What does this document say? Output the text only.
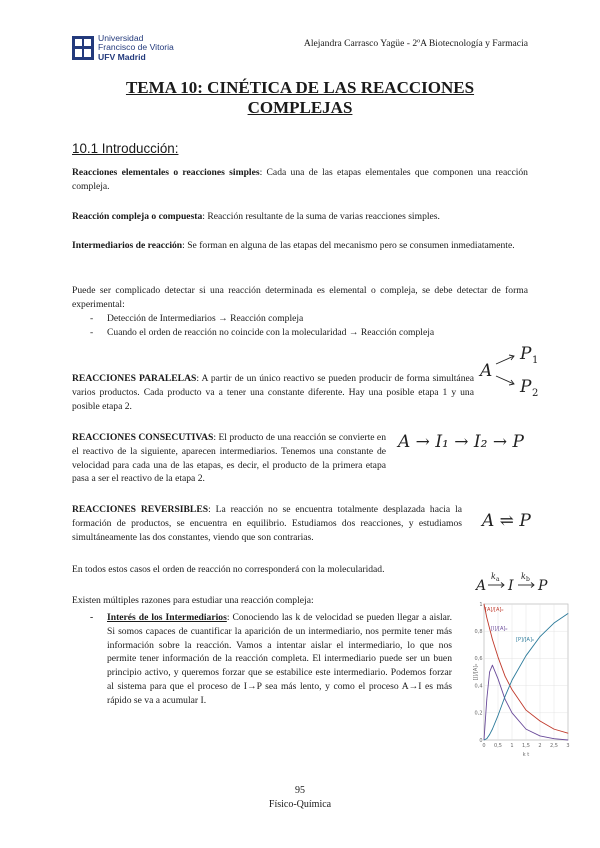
Universidad
Francisco de Vitoria
UFV Madrid
Alejandra Carrasco Yagüe - 2ºA Biotecnología y Farmacia
TEMA 10: CINÉTICA DE LAS REACCIONES
COMPLEJAS
10.1 Introducción:
Reacciones elementales o reacciones simples: Cada una de las etapas elementales que componen una reacción compleja.
Reacción compleja o compuesta: Reacción resultante de la suma de varias reacciones simples.
Intermediarios de reacción: Se forman en alguna de las etapas del mecanismo pero se consumen inmediatamente.
Puede ser complicado detectar si una reacción determinada es elemental o compleja, se debe detectar de forma experimental:
-	Detección de Intermediarios → Reacción compleja
-	Cuando el orden de reacción no coincide con la molecularidad → Reacción compleja
REACCIONES PARALELAS: A partir de un único reactivo se pueden producir de forma simultánea varios productos. Cada producto va a tener una constante diferente. Hay una posible etapa 1 y una posible etapa 2.
A
P 1
P 2
REACCIONES CONSECUTIVAS: El producto de una reacción se convierte en el reactivo de la siguiente, aparecen intermediarios. Tenemos una constante de velocidad para cada una de las etapas, es decir, el producto de la primera etapa pasa a ser el reactivo de la etapa 2.
A → I₁ → I₂ → P
REACCIONES REVERSIBLES: La reacción no se encuentra totalmente desplazada hacia la formación de productos, se encuentra en equilibrio. Estudiamos dos reacciones, y estudiamos simultáneamente las dos constantes, viendo que son contrarias.
A ⇌ P
En todos estos casos el orden de reacción no corresponderá con la molecularidad.
A
k a I
k b P
Existen múltiples razones para estudiar una reacción compleja:
-	Interés de los Intermediarios: Conociendo las k de velocidad se pueden llegar a aislar. Si somos capaces de cuantificar la aparición de un intermediario, nos permite tener más información sobre la reacción. Vamos a intentar aislar el intermediario, lo que nos permite tener información de la reacción completa. El intermediario puede ser un buen principio activo, y queremos forzar que se estabilice este intermediario. Podemos forzar al sistema para que el proceso de I→P sea más lento, y como el proceso A→I es más rápido se va a acumular I.
0 0,5 1 1,5 2 2,5 3
0
0,2
0,4
0,6
0,8
1
[J]/[A]₀
k t
[A]/[A]₀
[I]/[A]₀
[P]/[A]₀
95
Físico-Química
